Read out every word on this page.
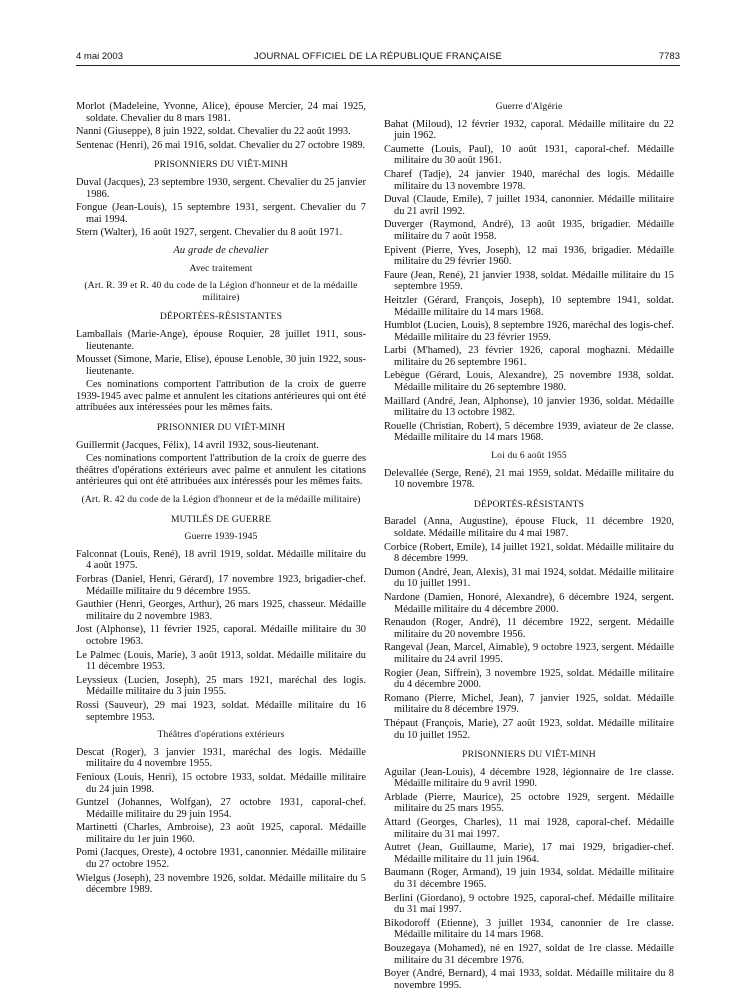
4 mai 2003	JOURNAL OFFICIEL DE LA RÉPUBLIQUE FRANÇAISE	7783
Morlot (Madeleine, Yvonne, Alice), épouse Mercier, 24 mai 1925, soldate. Chevalier du 8 mars 1981.
Nanni (Giuseppe), 8 juin 1922, soldat. Chevalier du 22 août 1993.
Sentenac (Henri), 26 mai 1916, soldat. Chevalier du 27 octobre 1989.
PRISONNIERS DU VIÊT-MINH
Duval (Jacques), 23 septembre 1930, sergent. Chevalier du 25 janvier 1986.
Fongue (Jean-Louis), 15 septembre 1931, sergent. Chevalier du 7 mai 1994.
Stern (Walter), 16 août 1927, sergent. Chevalier du 8 août 1971.
Au grade de chevalier
Avec traitement
(Art. R. 39 et R. 40 du code de la Légion d'honneur et de la médaille militaire)
DÉPORTÉES-RÉSISTANTES
Lamballais (Marie-Ange), épouse Roquier, 28 juillet 1911, sous-lieutenante.
Mousset (Simone, Marie, Elise), épouse Lenoble, 30 juin 1922, sous-lieutenante.
Ces nominations comportent l'attribution de la croix de guerre 1939-1945 avec palme et annulent les citations antérieures qui ont été attribuées aux intéressées pour les mêmes faits.
PRISONNIER DU VIÊT-MINH
Guillermit (Jacques, Félix), 14 avril 1932, sous-lieutenant.
Ces nominations comportent l'attribution de la croix de guerre des théâtres d'opérations extérieurs avec palme et annulent les citations antérieures qui ont été attribuées aux intéressés pour les mêmes faits.
(Art. R. 42 du code de la Légion d'honneur et de la médaille militaire)
MUTILÉS DE GUERRE
Guerre 1939-1945
Falconnat (Louis, René), 18 avril 1919, soldat. Médaille militaire du 4 août 1975.
Forbras (Daniel, Henri, Gérard), 17 novembre 1923, brigadier-chef. Médaille militaire du 9 décembre 1955.
Gauthier (Henri, Georges, Arthur), 26 mars 1925, chasseur. Médaille militaire du 2 novembre 1983.
Jost (Alphonse), 11 février 1925, caporal. Médaille militaire du 30 octobre 1963.
Le Palmec (Louis, Marie), 3 août 1913, soldat. Médaille militaire du 11 décembre 1953.
Leyssieux (Lucien, Joseph), 25 mars 1921, maréchal des logis. Médaille militaire du 3 juin 1955.
Rossi (Sauveur), 29 mai 1923, soldat. Médaille militaire du 16 septembre 1953.
Théâtres d'opérations extérieurs
Descat (Roger), 3 janvier 1931, maréchal des logis. Médaille militaire du 4 novembre 1955.
Fenioux (Louis, Henri), 15 octobre 1933, soldat. Médaille militaire du 24 juin 1998.
Guntzel (Johannes, Wolfgan), 27 octobre 1931, caporal-chef. Médaille militaire du 29 juin 1954.
Martinetti (Charles, Ambroise), 23 août 1925, caporal. Médaille militaire du 1er juin 1960.
Pomi (Jacques, Oreste), 4 octobre 1931, canonnier. Médaille militaire du 27 octobre 1952.
Wielgus (Joseph), 23 novembre 1926, soldat. Médaille militaire du 5 décembre 1989.
Guerre d'Algérie
Bahat (Miloud), 12 février 1932, caporal. Médaille militaire du 22 juin 1962.
Caumette (Louis, Paul), 10 août 1931, caporal-chef. Médaille militaire du 30 août 1961.
Charef (Tadje), 24 janvier 1940, maréchal des logis. Médaille militaire du 13 novembre 1978.
Duval (Claude, Emile), 7 juillet 1934, canonnier. Médaille militaire du 21 avril 1992.
Duverger (Raymond, André), 13 août 1935, brigadier. Médaille militaire du 7 août 1958.
Epivent (Pierre, Yves, Joseph), 12 mai 1936, brigadier. Médaille militaire du 29 février 1960.
Faure (Jean, René), 21 janvier 1938, soldat. Médaille militaire du 15 septembre 1959.
Heitzler (Gérard, François, Joseph), 10 septembre 1941, soldat. Médaille militaire du 14 mars 1968.
Humblot (Lucien, Louis), 8 septembre 1926, maréchal des logis-chef. Médaille militaire du 23 février 1959.
Larbi (M'hamed), 23 février 1926, caporal moghazni. Médaille militaire du 26 septembre 1961.
Lebègue (Gérard, Louis, Alexandre), 25 novembre 1938, soldat. Médaille militaire du 26 septembre 1980.
Maillard (André, Jean, Alphonse), 10 janvier 1936, soldat. Médaille militaire du 13 octobre 1982.
Rouelle (Christian, Robert), 5 décembre 1939, aviateur de 2e classe. Médaille militaire du 14 mars 1968.
Loi du 6 août 1955
Delevallée (Serge, René), 21 mai 1959, soldat. Médaille militaire du 10 novembre 1978.
DÉPORTÉS-RÉSISTANTS
Baradel (Anna, Augustine), épouse Fluck, 11 décembre 1920, soldate. Médaille militaire du 4 mai 1987.
Corbice (Robert, Emile), 14 juillet 1921, soldat. Médaille militaire du 8 décembre 1999.
Dumon (André, Jean, Alexis), 31 mai 1924, soldat. Médaille militaire du 10 juillet 1991.
Nardone (Damien, Honoré, Alexandre), 6 décembre 1924, sergent. Médaille militaire du 4 décembre 2000.
Renaudon (Roger, André), 11 décembre 1922, sergent. Médaille militaire du 20 novembre 1956.
Rangeval (Jean, Marcel, Aimable), 9 octobre 1923, sergent. Médaille militaire du 24 avril 1995.
Rogier (Jean, Siffrein), 3 novembre 1925, soldat. Médaille militaire du 4 décembre 2000.
Romano (Pierre, Michel, Jean), 7 janvier 1925, soldat. Médaille militaire du 8 décembre 1979.
Thépaut (François, Marie), 27 août 1923, soldat. Médaille militaire du 10 juillet 1952.
PRISONNIERS DU VIÊT-MINH
Aguilar (Jean-Louis), 4 décembre 1928, légionnaire de 1re classe. Médaille militaire du 9 avril 1990.
Arblade (Pierre, Maurice), 25 octobre 1929, sergent. Médaille militaire du 25 mars 1955.
Attard (Georges, Charles), 11 mai 1928, caporal-chef. Médaille militaire du 31 mai 1997.
Autret (Jean, Guillaume, Marie), 17 mai 1929, brigadier-chef. Médaille militaire du 11 juin 1964.
Baumann (Roger, Armand), 19 juin 1934, soldat. Médaille militaire du 31 décembre 1965.
Berlini (Giordano), 9 octobre 1925, caporal-chef. Médaille militaire du 31 mai 1997.
Bikodoroff (Etienne), 3 juillet 1934, canonnier de 1re classe. Médaille militaire du 14 mars 1968.
Bouzegaya (Mohamed), né en 1927, soldat de 1re classe. Médaille militaire du 31 décembre 1976.
Boyer (André, Bernard), 4 mai 1933, soldat. Médaille militaire du 8 novembre 1995.
